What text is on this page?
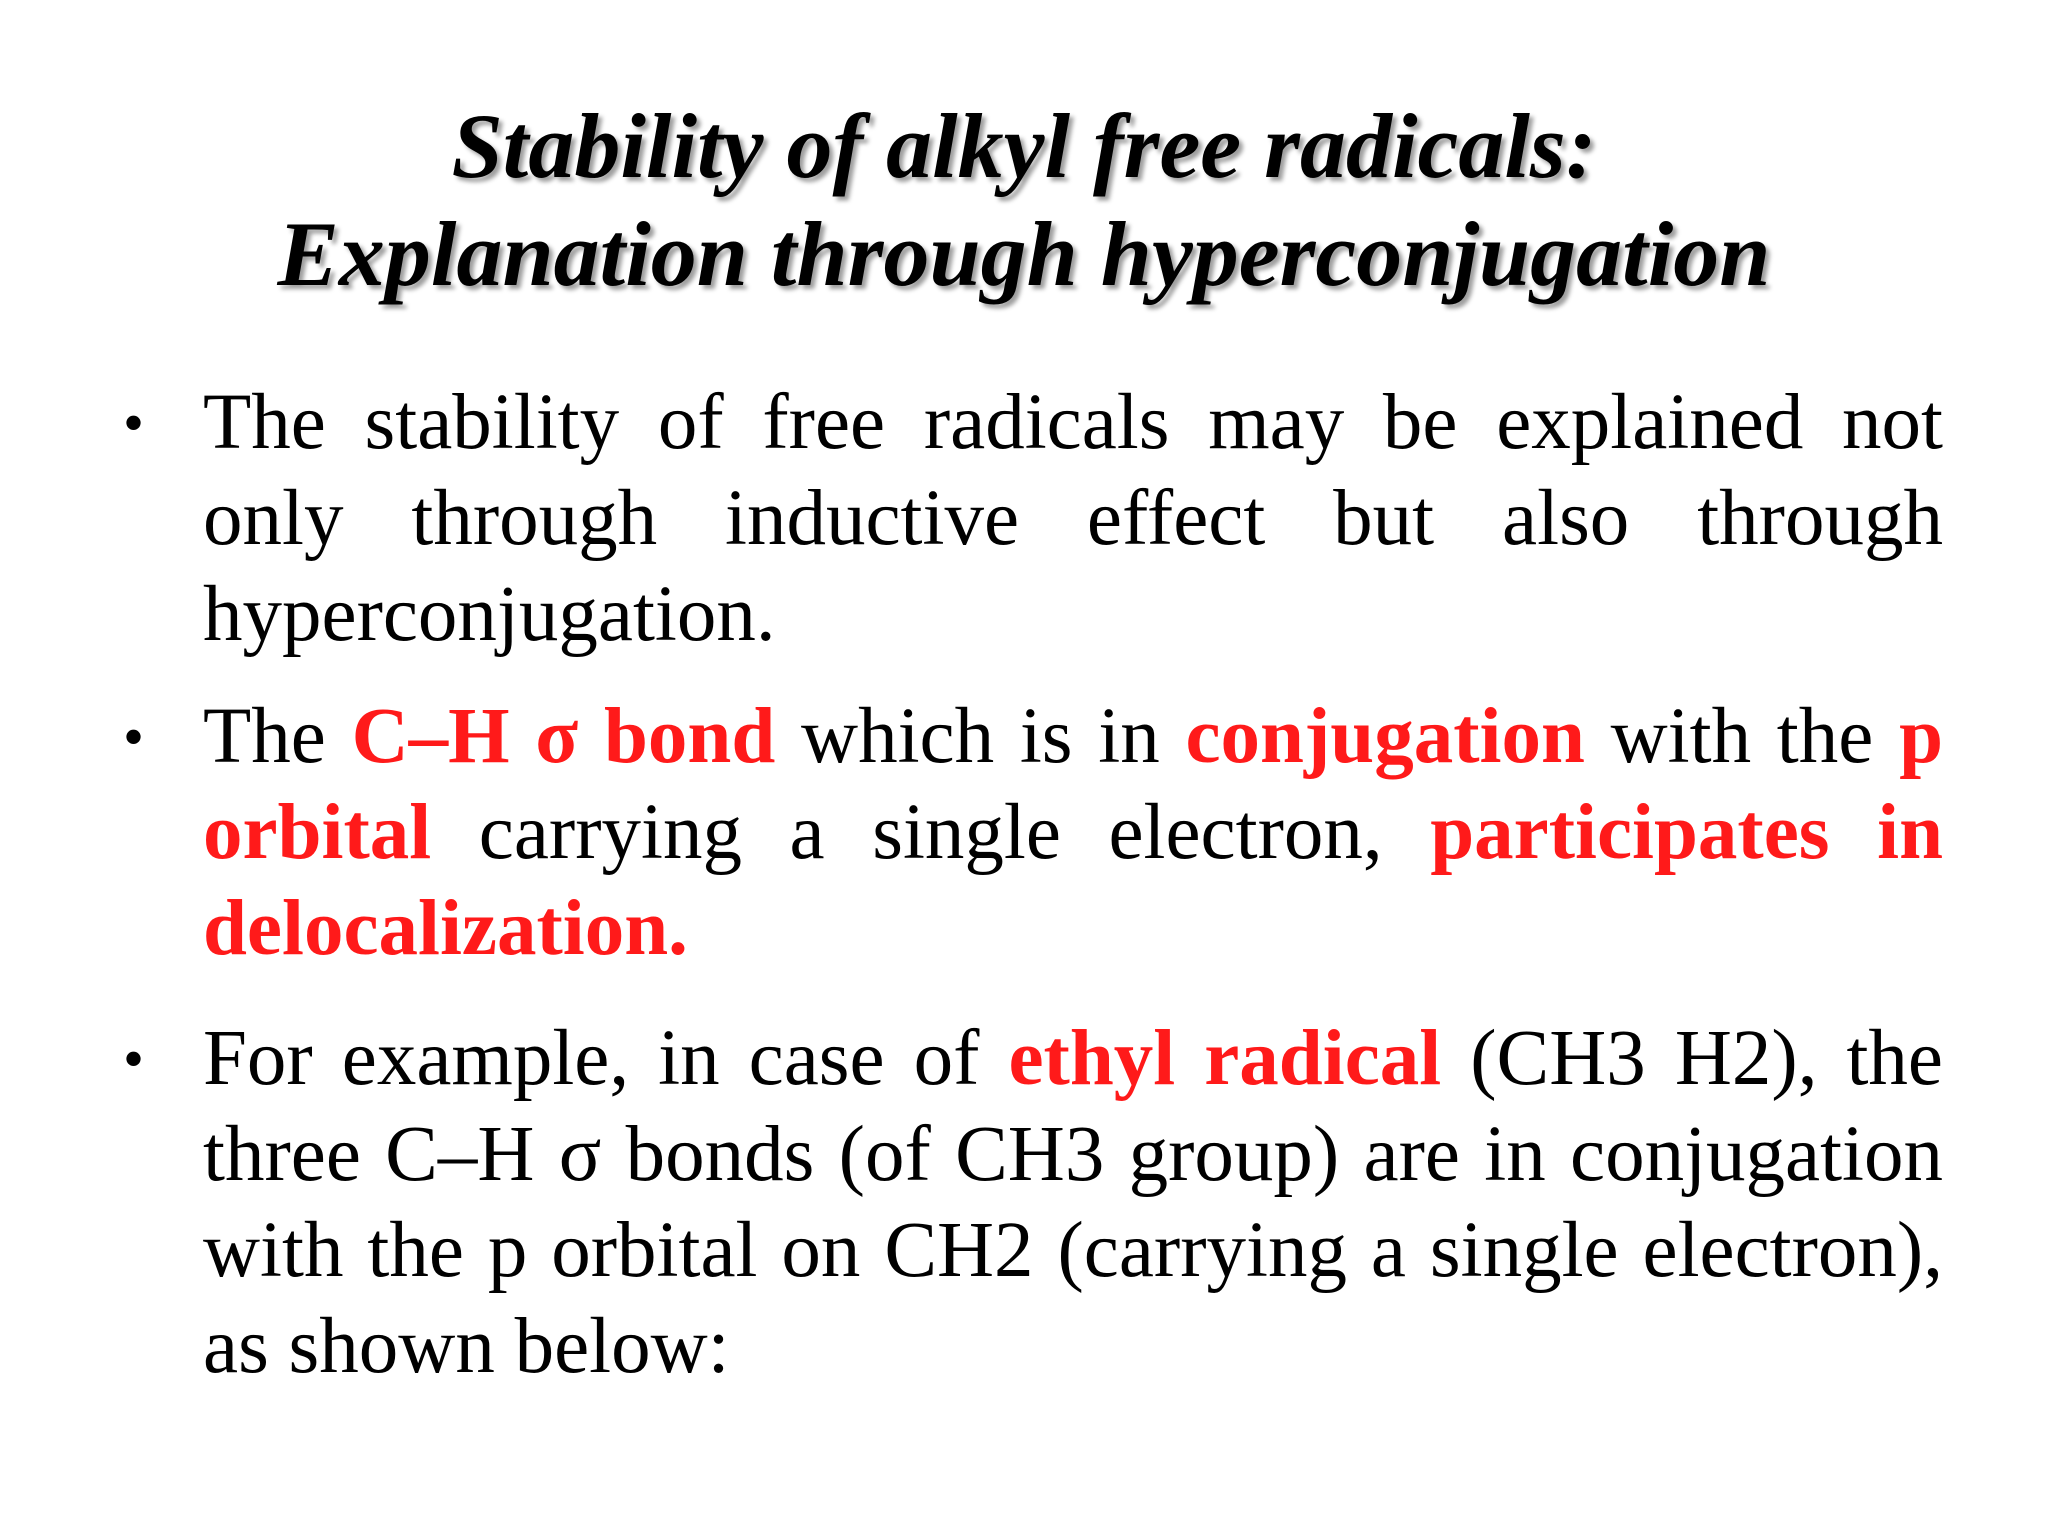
Stability of alkyl free radicals:
Explanation through hyperconjugation
• The stability of free radicals may be explained not only through inductive effect but also through hyperconjugation.
• The C–H σ bond which is in conjugation with the p orbital carrying a single electron, participates in delocalization.
• For example, in case of ethyl radical (CH3 H2), the three C–H σ bonds (of CH3 group) are in conjugation with the p orbital on CH2 (carrying a single electron), as shown below:
